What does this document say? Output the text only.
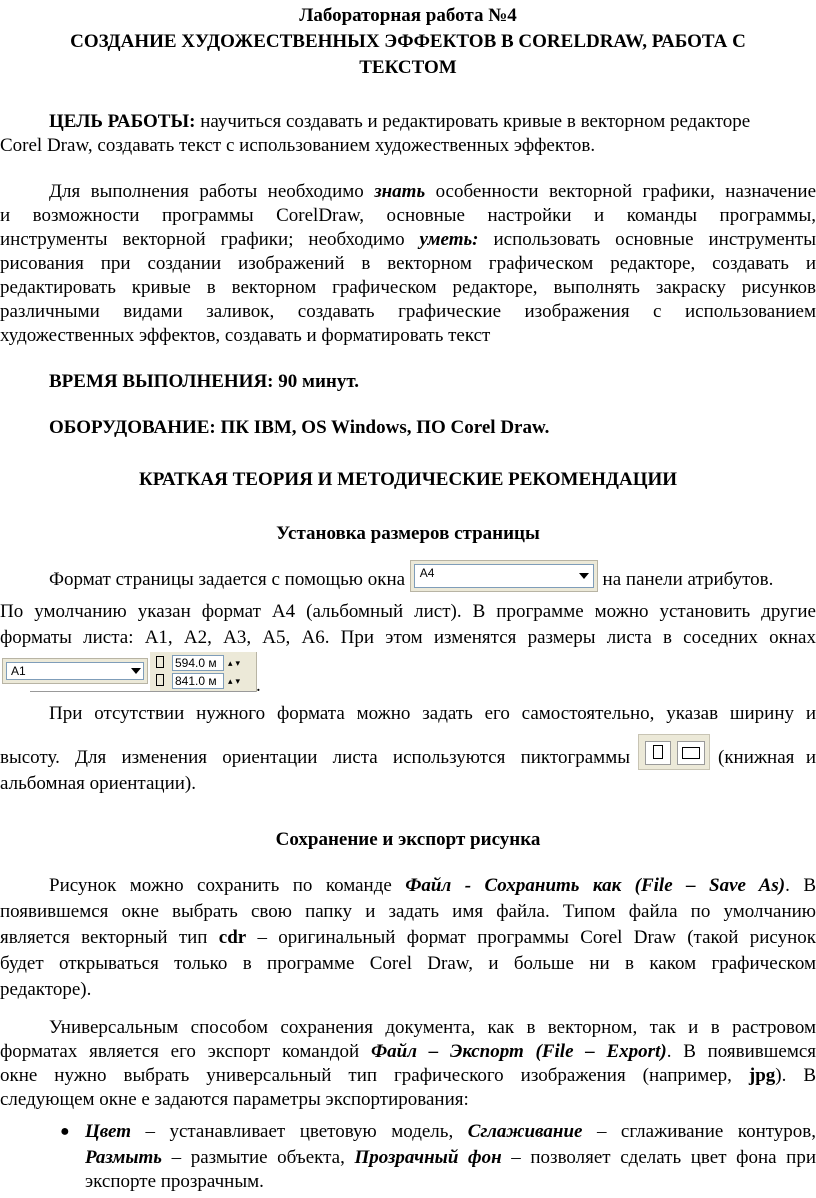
Лабораторная работа №4
СОЗДАНИЕ ХУДОЖЕСТВЕННЫХ ЭФФЕКТОВ В CORELDRAW, РАБОТА С
ТЕКСТОМ
ЦЕЛЬ РАБОТЫ: научиться создавать и редактировать кривые в векторном редакторе
Corel Draw, создавать текст с использованием художественных эффектов.
Для выполнения работы необходимо знать особенности векторной графики, назначение
и возможности программы CorelDraw, основные настройки и команды программы,
инструменты векторной графики; необходимо уметь: использовать основные инструменты
рисования при создании изображений в векторном графическом редакторе, создавать и
редактировать кривые в векторном графическом редакторе, выполнять закраску рисунков
различными видами заливок, создавать графические изображения с использованием
художественных эффектов, создавать и форматировать текст
ВРЕМЯ ВЫПОЛНЕНИЯ: 90 минут.
ОБОРУДОВАНИЕ: ПК IBM, OS Windows, ПО Corel Draw.
КРАТКАЯ ТЕОРИЯ И МЕТОДИЧЕСКИЕ РЕКОМЕНДАЦИИ
Установка размеров страницы
Формат страницы задается с помощью окна	A4	на панели атрибутов.
По умолчанию указан формат А4 (альбомный лист). В программе можно установить другие
форматы листа: А1, А2, А3, А5, А6. При этом изменятся размеры листа в соседних окнах
A1
594.0 м	▴▾
841.0 м	▴▾ .
При отсутствии нужного формата можно задать его самостоятельно, указав ширину и
высоту. Для изменения ориентации листа используются пиктограммы	(книжная и
альбомная ориентации).
Сохранение и экспорт рисунка
Рисунок можно сохранить по команде Файл - Сохранить как (File – Save As). В
появившемся окне выбрать свою папку и задать имя файла. Типом файла по умолчанию
является векторный тип cdr – оригинальный формат программы Corel Draw (такой рисунок
будет открываться только в программе Corel Draw, и больше ни в каком графическом
редакторе).
Универсальным способом сохранения документа, как в векторном, так и в растровом
форматах является его экспорт командой Файл – Экспорт (File – Export). В появившемся
окне нужно выбрать универсальный тип графического изображения (например, jpg). В
следующем окне е задаются параметры экспортирования:
● Цвет – устанавливает цветовую модель, Сглаживание – сглаживание контуров,
Размыть – размытие объекта, Прозрачный фон – позволяет сделать цвет фона при
экспорте прозрачным.
